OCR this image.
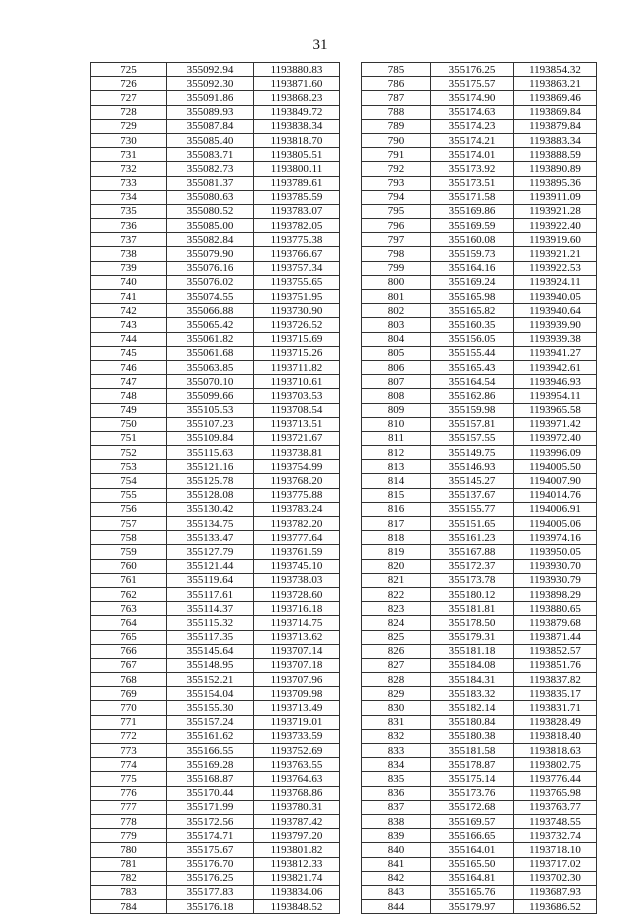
31
725	355092.94	1193880.83
726	355092.30	1193871.60
727	355091.86	1193868.23
728	355089.93	1193849.72
729	355087.84	1193838.34
730	355085.40	1193818.70
731	355083.71	1193805.51
732	355082.73	1193800.11
733	355081.37	1193789.61
734	355080.63	1193785.59
735	355080.52	1193783.07
736	355085.00	1193782.05
737	355082.84	1193775.38
738	355079.90	1193766.67
739	355076.16	1193757.34
740	355076.02	1193755.65
741	355074.55	1193751.95
742	355066.88	1193730.90
743	355065.42	1193726.52
744	355061.82	1193715.69
745	355061.68	1193715.26
746	355063.85	1193711.82
747	355070.10	1193710.61
748	355099.66	1193703.53
749	355105.53	1193708.54
750	355107.23	1193713.51
751	355109.84	1193721.67
752	355115.63	1193738.81
753	355121.16	1193754.99
754	355125.78	1193768.20
755	355128.08	1193775.88
756	355130.42	1193783.24
757	355134.75	1193782.20
758	355133.47	1193777.64
759	355127.79	1193761.59
760	355121.44	1193745.10
761	355119.64	1193738.03
762	355117.61	1193728.60
763	355114.37	1193716.18
764	355115.32	1193714.75
765	355117.35	1193713.62
766	355145.64	1193707.14
767	355148.95	1193707.18
768	355152.21	1193707.96
769	355154.04	1193709.98
770	355155.30	1193713.49
771	355157.24	1193719.01
772	355161.62	1193733.59
773	355166.55	1193752.69
774	355169.28	1193763.55
775	355168.87	1193764.63
776	355170.44	1193768.86
777	355171.99	1193780.31
778	355172.56	1193787.42
779	355174.71	1193797.20
780	355175.67	1193801.82
781	355176.70	1193812.33
782	355176.25	1193821.74
783	355177.83	1193834.06
784	355176.18	1193848.52
785	355176.25	1193854.32
786	355175.57	1193863.21
787	355174.90	1193869.46
788	355174.63	1193869.84
789	355174.23	1193879.84
790	355174.21	1193883.34
791	355174.01	1193888.59
792	355173.92	1193890.89
793	355173.51	1193895.36
794	355171.58	1193911.09
795	355169.86	1193921.28
796	355169.59	1193922.40
797	355160.08	1193919.60
798	355159.73	1193921.21
799	355164.16	1193922.53
800	355169.24	1193924.11
801	355165.98	1193940.05
802	355165.82	1193940.64
803	355160.35	1193939.90
804	355156.05	1193939.38
805	355155.44	1193941.27
806	355165.43	1193942.61
807	355164.54	1193946.93
808	355162.86	1193954.11
809	355159.98	1193965.58
810	355157.81	1193971.42
811	355157.55	1193972.40
812	355149.75	1193996.09
813	355146.93	1194005.50
814	355145.27	1194007.90
815	355137.67	1194014.76
816	355155.77	1194006.91
817	355151.65	1194005.06
818	355161.23	1193974.16
819	355167.88	1193950.05
820	355172.37	1193930.70
821	355173.78	1193930.79
822	355180.12	1193898.29
823	355181.81	1193880.65
824	355178.50	1193879.68
825	355179.31	1193871.44
826	355181.18	1193852.57
827	355184.08	1193851.76
828	355184.31	1193837.82
829	355183.32	1193835.17
830	355182.14	1193831.71
831	355180.84	1193828.49
832	355180.38	1193818.40
833	355181.58	1193818.63
834	355178.87	1193802.75
835	355175.14	1193776.44
836	355173.76	1193765.98
837	355172.68	1193763.77
838	355169.57	1193748.55
839	355166.65	1193732.74
840	355164.01	1193718.10
841	355165.50	1193717.02
842	355164.81	1193702.30
843	355165.76	1193687.93
844	355179.97	1193686.52
